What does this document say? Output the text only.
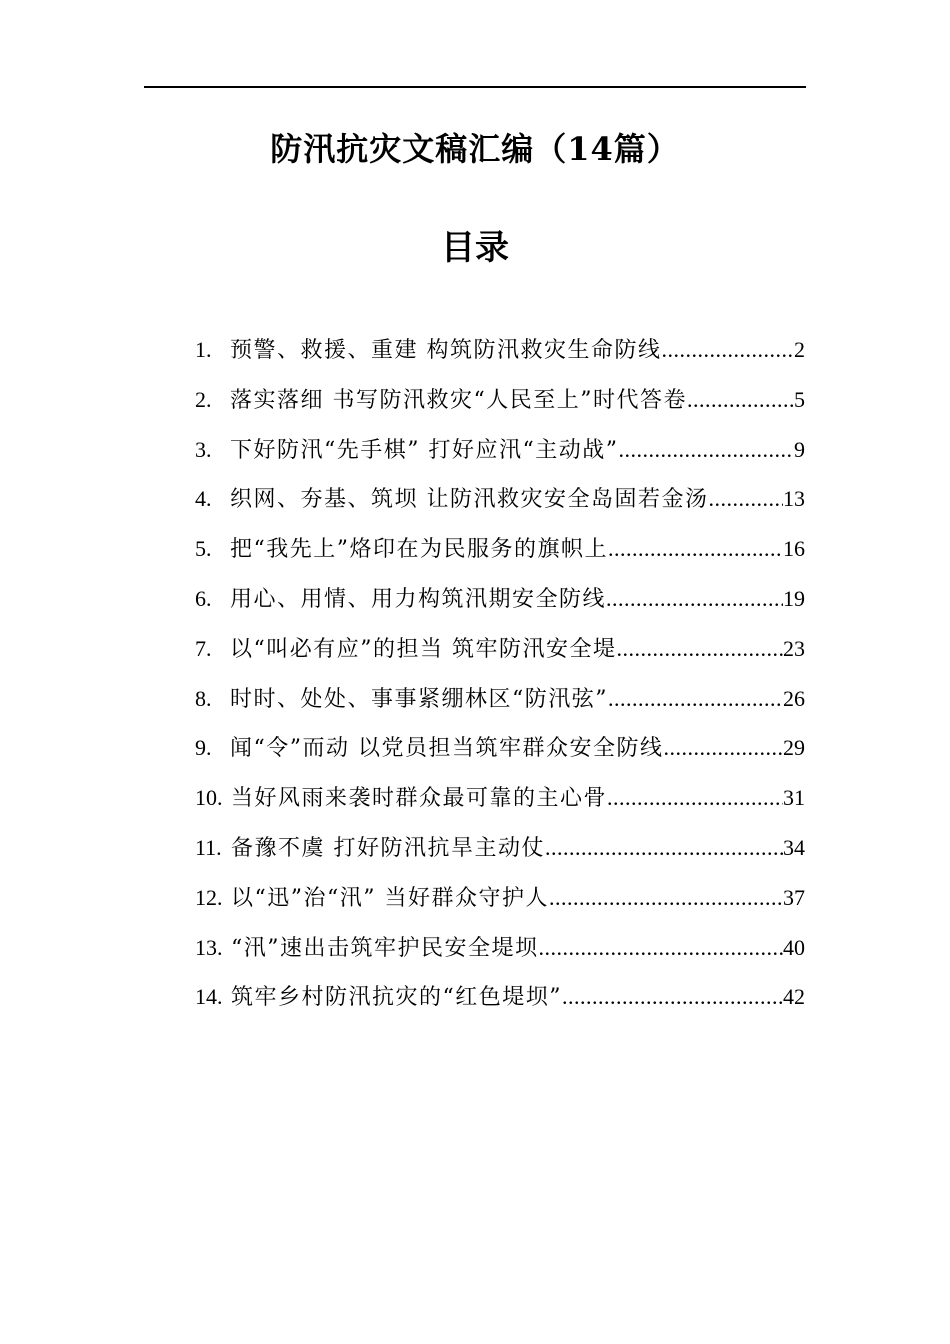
防汛抗灾文稿汇编（14篇）
目录
1. 预警、救援、重建 构筑防汛救灾生命防线 .....	2
2. 落实落细 书写防汛救灾“人民至上”时代答卷 .....	5
3. 下好防汛“先手棋” 打好应汛“主动战” .....	9
4. 织网、夯基、筑坝 让防汛救灾安全岛固若金汤 .....	13
5. 把“我先上”烙印在为民服务的旗帜上 .....	16
6. 用心、用情、用力构筑汛期安全防线 .....	19
7. 以“叫必有应”的担当 筑牢防汛安全堤 .....	23
8. 时时、处处、事事紧绷林区“防汛弦” .....	26
9. 闻“令”而动 以党员担当筑牢群众安全防线 .....	29
10. 当好风雨来袭时群众最可靠的主心骨 .....	31
11. 备豫不虞 打好防汛抗旱主动仗 .....	34
12. 以“迅”治“汛” 当好群众守护人 .....	37
13. “汛”速出击筑牢护民安全堤坝 .....	40
14. 筑牢乡村防汛抗灾的“红色堤坝” .....	42
